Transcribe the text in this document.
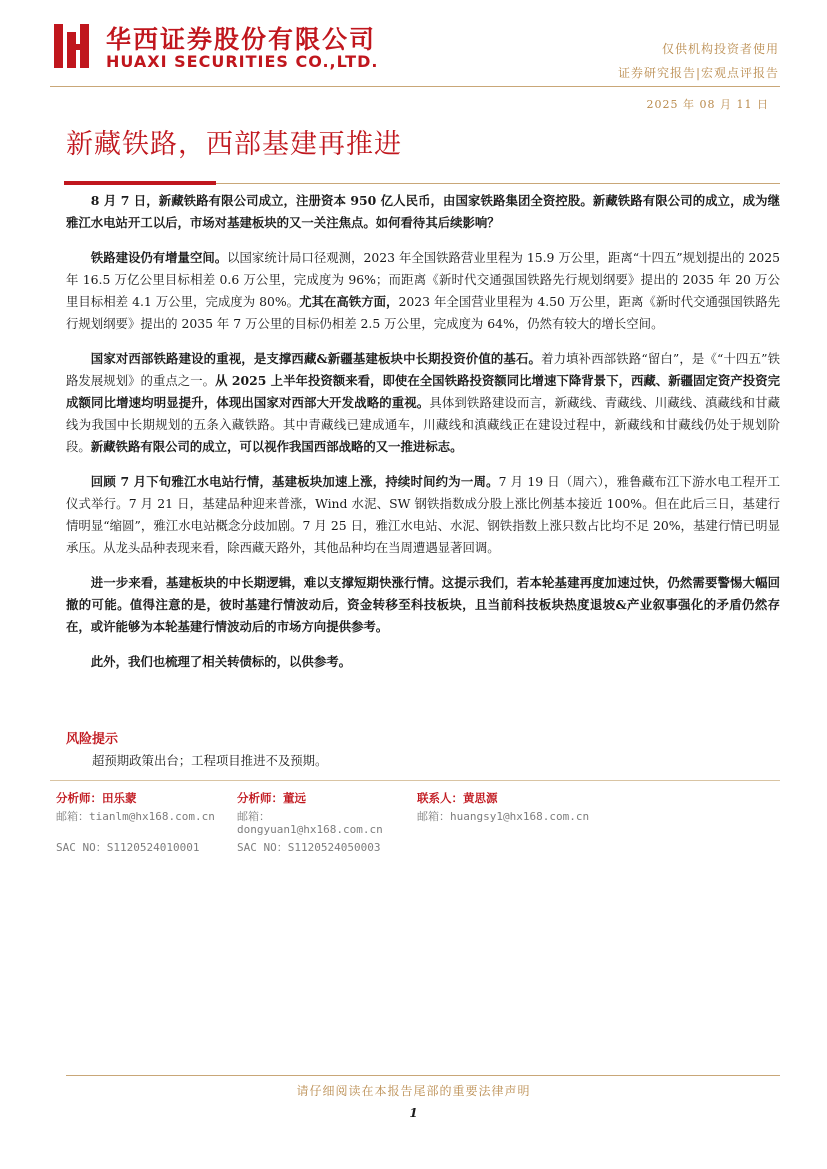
华西证券股份有限公司
HUAXI SECURITIES CO.,LTD.
仅供机构投资者使用
证券研究报告|宏观点评报告
2025 年 08 月 11 日
新藏铁路，西部基建再推进

8 月 7 日，新藏铁路有限公司成立，注册资本 950 亿人民币，由国家铁路集团全资控股。新藏铁路有限公司的成立，成为继雅江水电站开工以后，市场对基建板块的又一关注焦点。如何看待其后续影响？

铁路建设仍有增量空间。以国家统计局口径观测，2023 年全国铁路营业里程为 15.9 万公里，距离“十四五”规划提出的 2025 年 16.5 万亿公里目标相差 0.6 万公里，完成度为 96%；而距离《新时代交通强国铁路先行规划纲要》提出的 2035 年 20 万公里目标相差 4.1 万公里，完成度为 80%。尤其在高铁方面，2023 年全国营业里程为 4.50 万公里，距离《新时代交通强国铁路先行规划纲要》提出的 2035 年 7 万公里的目标仍相差 2.5 万公里，完成度为 64%，仍然有较大的增长空间。

国家对西部铁路建设的重视，是支撑西藏&新疆基建板块中长期投资价值的基石。着力填补西部铁路“留白”，是《“十四五”铁路发展规划》的重点之一。从 2025 上半年投资额来看，即使在全国铁路投资额同比增速下降背景下，西藏、新疆固定资产投资完成额同比增速均明显提升，体现出国家对西部大开发战略的重视。具体到铁路建设而言，新藏线、青藏线、川藏线、滇藏线和甘藏线为我国中长期规划的五条入藏铁路。其中青藏线已建成通车，川藏线和滇藏线正在建设过程中，新藏线和甘藏线仍处于规划阶段。新藏铁路有限公司的成立，可以视作我国西部战略的又一推进标志。

回顾 7 月下旬雅江水电站行情，基建板块加速上涨，持续时间约为一周。7 月 19 日（周六），雅鲁藏布江下游水电工程开工仪式举行。7 月 21 日，基建品种迎来普涨，Wind 水泥、SW 钢铁指数成分股上涨比例基本接近 100%。但在此后三日，基建行情明显“缩圆”，雅江水电站概念分歧加剧。7 月 25 日，雅江水电站、水泥、钢铁指数上涨只数占比均不足 20%，基建行情已明显承压。从龙头品种表现来看，除西藏天路外，其他品种均在当周遭遇显著回调。

进一步来看，基建板块的中长期逻辑，难以支撑短期快涨行情。这提示我们，若本轮基建再度加速过快，仍然需要警惕大幅回撤的可能。值得注意的是，彼时基建行情波动后，资金转移至科技板块，且当前科技板块热度退坡&产业叙事强化的矛盾仍然存在，或许能够为本轮基建行情波动后的市场方向提供参考。

此外，我们也梳理了相关转债标的，以供参考。

风险提示
超预期政策出台；工程项目推进不及预期。
分析师：田乐蒙
邮箱：tianlm@hx168.com.cn
SAC NO：S1120524010001
分析师：董远
邮箱：
dongyuan1@hx168.com.cn
SAC NO：S1120524050003
联系人：黄思源
邮箱：huangsy1@hx168.com.cn
请仔细阅读在本报告尾部的重要法律声明
1
